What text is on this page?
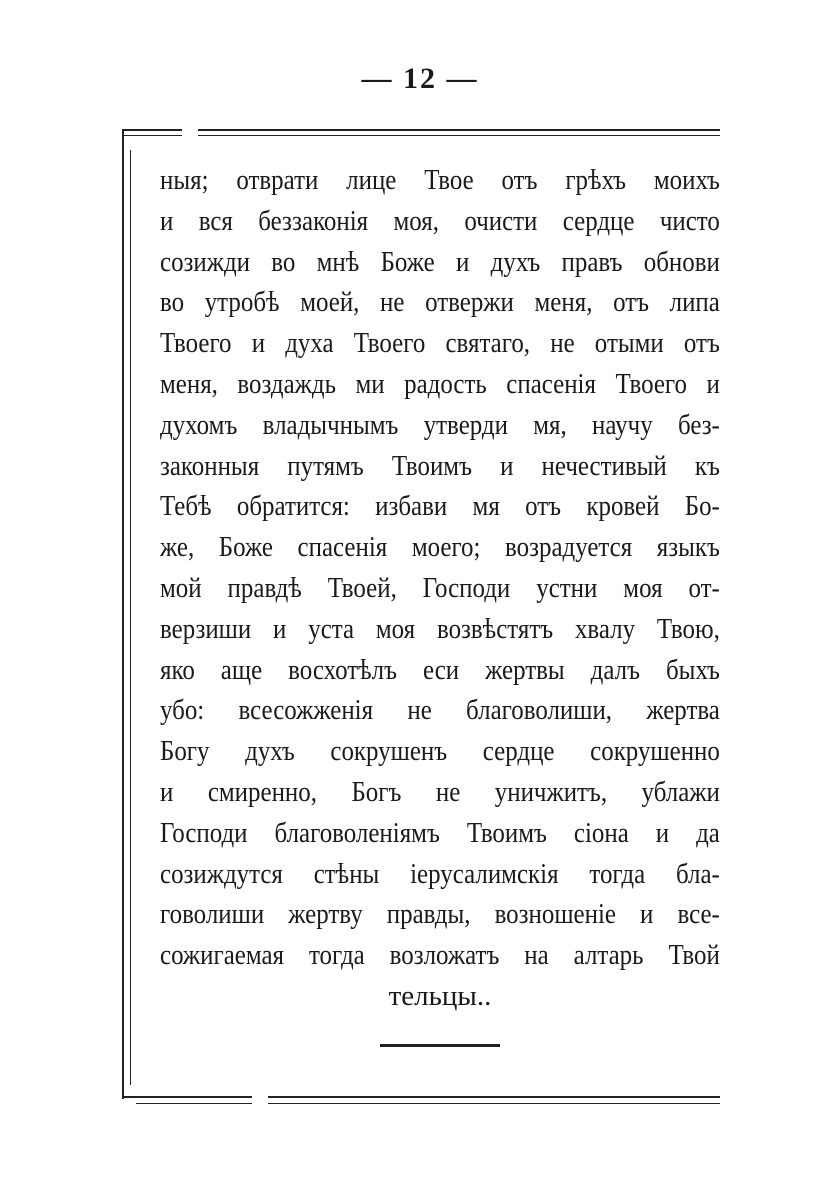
— 12 —
ныя; отврати лице Твое отъ грѣхъ моихъ
и вся беззаконія моя, очисти сердце чисто
созижди во мнѣ Боже и духъ правъ обнови
во утробѣ моей, не отвержи меня, отъ липа
Твоего и духа Твоего святаго, не отыми отъ
меня, воздаждь ми радость спасенія Твоего и
духомъ владычнымъ утверди мя, научу без-
законныя путямъ Твоимъ и нечестивый къ
Тебѣ обратится: избави мя отъ кровей Бо-
же, Боже спасенія моего; возрадуется языкъ
мой правдѣ Твоей, Господи устни моя от-
верзиши и уста моя возвѣстятъ хвалу Твою,
яко аще восхотѣлъ еси жертвы далъ быхъ
убо: всесожженія не благоволиши, жертва
Богу духъ сокрушенъ сердце сокрушенно
и смиренно, Богъ не уничжитъ, ублажи
Господи благоволеніямъ Твоимъ сіона и да
созиждутся стѣны іерусалимскія тогда бла-
говолиши жертву правды, возношеніе и все-
сожигаемая тогда возложатъ на алтарь Твой
тельцы..
